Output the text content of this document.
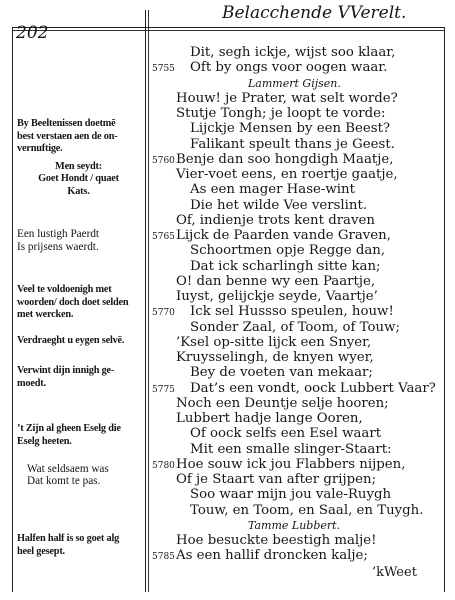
202
Belacchende VVerelt.
Dit, segh ickje, wijst soo klaar,
Oft by ongs voor oogen waar.
5755
Lammert Gijsen.
Houw! je Prater, wat selt worde?
Stutje Tongh; je loopt te vorde:
Lijckje Mensen by een Beest?
Falikant speult thans je Geest.
Benje dan soo hongdigh Maatje,
5760
Vier-voet eens, en roertje gaatje,
As een mager Hase-wint
Die het wilde Vee verslint.
Of, indienje trots kent draven
Lijck de Paarden vande Graven,
5765
Schoortmen opje Regge dan,
Dat ick scharlingh sitte kan;
O! dan benne wy een Paartje,
Iuyst, gelijckje seyde, Vaartje’
Ick sel Hussso speulen, houw!
5770
Sonder Zaal, of Toom, of Touw;
’Ksel op-sitte lijck een Snyer,
Kruysselingh, de knyen wyer,
Bey de voeten van mekaar;
Dat’s een vondt, oock Lubbert Vaar?
5775
Noch een Deuntje selje hooren;
Lubbert hadje lange Ooren,
Of oock selfs een Esel waart
Mit een smalle slinger-Staart:
Hoe souw ick jou Flabbers nijpen,
5780
Of je Staart van after grijpen;
Soo waar mijn jou vale-Ruygh
Touw, en Toom, en Saal, en Tuygh.
Tamme Lubbert.
Hoe besuckte beestigh malje!
As een hallif droncken kalje;
5785
By Beeltenissen doetmē
best verstaen aen de on-
vernuftige.
Men seydt:
Goet Hondt / quaet
Kats.
Een lustigh Paerdt
Is prijsens waerdt.
Veel te voldoenigh met
woorden/ doch doet selden
met wercken.
Verdraeght u eygen selvē.
Verwint dijn innigh ge-
moedt.
’t Zijn al gheen Eselg die
Eselg heeten.
Wat seldsaem was
Dat komt te pas.
Halfen half is so goet alg
heel gesept.
’kWeet
